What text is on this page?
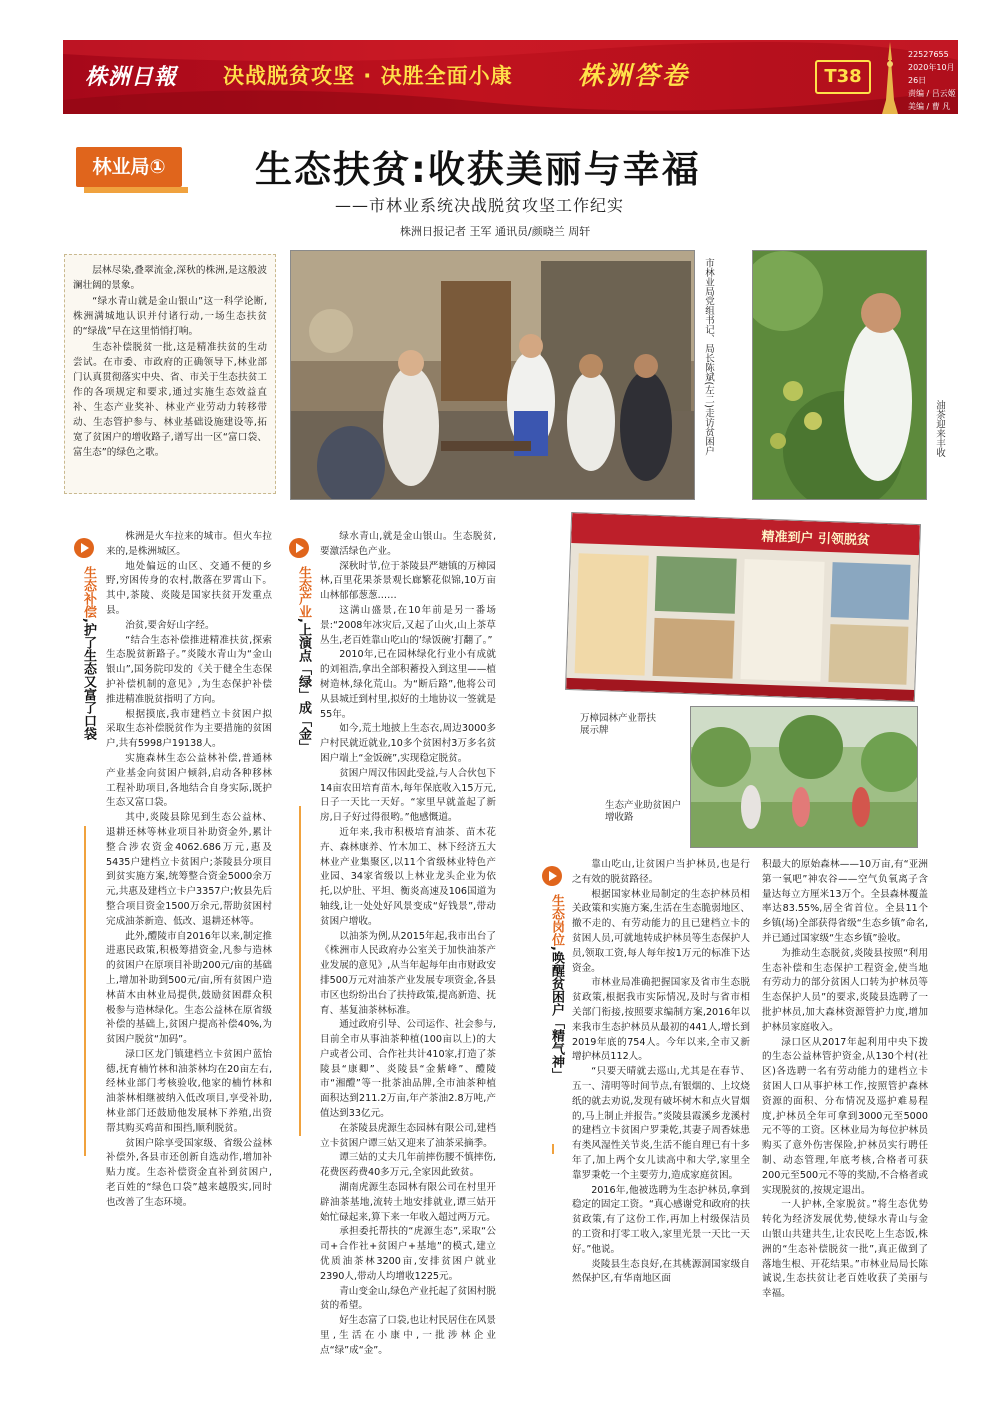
株洲日報 决战脱贫攻坚 · 决胜全面小康	株洲答卷	T38
22527655
2020年10月26日
责编 / 吕云姬
美编 / 曹 凡
林业局①	生态扶贫:收获美丽与幸福
——市林业系统决战脱贫攻坚工作纪实
株洲日报记者 王军 通讯员/颜晓兰 周轩

层林尽染,叠翠流金,深秋的株洲,是这般波澜壮阔的景象。

“绿水青山就是金山银山”这一科学论断,株洲满城地认识并付诸行动,一场生态扶贫的“绿战”早在这里悄悄打响。

生态补偿脱贫一批,这是精准扶贫的生动尝试。在市委、市政府的正确领导下,林业部门认真贯彻落实中央、省、市关于生态扶贫工作的各项规定和要求,通过实施生态效益直补、生态产业奖补、林业产业劳动力转移带动、生态管护参与、林业基础设施建设等,拓宽了贫困户的增收路子,谱写出一区“富口袋、富生态”的绿色之歌。	市林业局党组书记、局长陈斌(左二)走访贫困户	油茶迎来丰收
生态补偿,护了生态又富了口袋

株洲是火车拉来的城市。但火车拉来的,是株洲城区。

地处偏远的山区、交通不便的乡野,穷困传身的农村,散落在罗霄山下。其中,茶陵、炎陵是国家扶贫开发重点县。

治贫,要舍好山字经。

“结合生态补偿推进精准扶贫,探索生态脱贫新路子。”炎陵水青山为“金山银山”,国务院印发的《关于健全生态保护补偿机制的意见》,为生态保护补偿推进精准脱贫指明了方向。

根据摸底,我市建档立卡贫困户拟采取生态补偿脱贫作为主要措施的贫困户,共有5998户19138人。

实施森林生态公益林补偿,普通林产业基金向贫困户倾斜,启动各种移林工程补助项目,各地结合自身实际,既护生态又富口袋。

其中,炎陵县除见到生态公益林、退耕还林等林业项目补助资金外,累计整合涉农资金4062.686万元,惠及5435户建档立卡贫困户;茶陵县分项目到贫实施方案,统筹整合资金5000余万元,共惠及建档立卡户3357户;攸县先后整合项目资金1500万余元,帮助贫困村完成油茶新造、低改、退耕还林等。

此外,醴陵市自2016年以来,制定推进惠民政策,积极筹措资金,凡参与造林的贫困户在原项目补助200元/亩的基础上,增加补助到500元/亩,所有贫困户造林苗木由林业局提供,鼓励贫困群众积极参与造林绿化。生态公益林在原省级补偿的基础上,贫困户提高补偿40%,为贫困户脱贫“加码”。

渌口区龙门镇建档立卡贫困户蓝怡德,抚育楠竹林和油茶林均在20亩左右,经林业部门考核验收,他家的楠竹林和油茶林相继被纳入低改项目,享受补助,林业部门还鼓励他发展林下养殖,出资帮其购买鸡苗和围挡,顺利脱贫。

贫困户除享受国家级、省级公益林补偿外,各县市还创新自选动作,增加补贴力度。生态补偿资金直补到贫困户,老百姓的“绿色口袋”越来越殷实,同时也改善了生态环境。

生态产业,上演点「绿」成「金」

绿水青山,就是金山银山。生态脱贫,要激活绿色产业。

深秋时节,位于茶陵县严塘镇的万樟园林,百里花果茶景观长廊繁花似锦,10万亩山林郁郁葱葱……

这满山盛景,在10年前是另一番场景:“2008年冰灾后,又起了山火,山上茶草丛生,老百姓靠山吃山的‘绿饭碗’打翻了。”

2010年,已在园林绿化行业小有成就的刘祖浩,拿出全部积蓄投入到这里——植树造林,绿化荒山。为“断后路”,他将公司从县城迁到村里,拟好的土地协议一签就是55年。

如今,荒土地披上生态衣,周边3000多户村民就近就业,10多个贫困村3万多名贫困户端上“金饭碗”,实现稳定脱贫。

贫困户周汉伟因此受益,与人合伙包下14亩农田培育苗木,每年保底收入15万元,日子一天比一天好。“家里早就盖起了新房,日子好过得很哟。”他感慨道。

近年来,我市积极培育油茶、苗木花卉、森林康养、竹木加工、林下经济五大林业产业集聚区,以11个省级林业特色产业园、34家省级以上林业龙头企业为依托,以炉肚、平坦、衡炎高速及106国道为轴线,让一处处好风景变成“好钱景”,带动贫困户增收。

以油茶为例,从2015年起,我市出台了《株洲市人民政府办公室关于加快油茶产业发展的意见》,从当年起每年由市财政安排500万元对油茶产业发展专项资金,各县市区也纷纷出台了扶持政策,提高新造、抚育、基复油茶林标准。

通过政府引导、公司运作、社会参与,目前全市从事油茶种植(100亩以上)的大户或者公司、合作社共计410家,打造了茶陵县“康卿”、炎陵县“金紫峰”、醴陵市“湘醴”等一批茶油品牌,全市油茶种植面积达到211.2万亩,年产茶油2.8万吨,产值达到33亿元。

在茶陵县虎源生态园林有限公司,建档立卡贫困户谭三姑又迎来了油茶采摘季。

谭三姑的丈夫几年前摔伤腰不慎摔伤,花费医药费40多万元,全家因此致贫。

湖南虎源生态园林有限公司在村里开辟油茶基地,流转土地安排就业,谭三姑开始忙碌起来,算下来一年收入超过两万元。

承担委托帮扶的“虎源生态”,采取“公司+合作社+贫困户+基地”的模式,建立优质油茶林3200亩,安排贫困户就业2390人,带动人均增收1225元。

青山变金山,绿色产业托起了贫困村脱贫的希望。

好生态富了口袋,也让村民居住在风景里,生活在小康中,一批涉林企业点“绿”成“金”。

精准到户 引领脱贫
万樟园林产业帮扶展示牌
生态产业助贫困户增收路
生态岗位,唤醒贫困户「精气神」

靠山吃山,让贫困户当护林员,也是行之有效的脱贫路径。

根据国家林业局制定的生态护林员相关政策和实施方案,生活在生态脆弱地区、撤不走的、有劳动能力的且已建档立卡的贫困人员,可就地转成护林员等生态保护人员,领取工资,每人每年按1万元的标准下达资金。

市林业局准确把握国家及省市生态脱贫政策,根据我市实际情况,及时与省市相关部门衔接,按照要求编制方案,2016年以来我市生态护林员从最初的441人,增长到2019年底的754人。今年以来,全市又新增护林员112人。

“只要天晴就去巡山,尤其是在春节、五一、清明等时间节点,有银烟的、上坟烧纸的就去劝说,发现有破坏树木和点火冒烟的,马上制止并报告。”炎陵县霞溪乡龙溪村的建档立卡贫困户罗秉乾,其妻子周香妹患有类风湿性关节炎,生活不能自理已有十多年了,加上两个女儿读高中和大学,家里全靠罗秉乾一个主要劳力,造成家庭贫困。

2016年,他被选聘为生态护林员,拿到稳定的固定工资。“真心感谢党和政府的扶贫政策,有了这份工作,再加上村级保洁员的工资和打零工收入,家里光景一天比一天好。”他说。

炎陵县生态良好,在其桃源洞国家级自然保护区,有华南地区面

积最大的原始森林——10万亩,有“亚洲第一氧吧”神农谷——空气负氧离子含量达每立方厘米13万个。全县森林覆盖率达83.55%,居全省首位。全县11个乡镇(场)全部获得省级“生态乡镇”命名,并已通过国家级“生态乡镇”验收。

为推动生态脱贫,炎陵县按照“利用生态补偿和生态保护工程资金,使当地有劳动力的部分贫困人口转为护林员等生态保护人员”的要求,炎陵县选聘了一批护林员,加大森林资源管护力度,增加护林员家庭收入。

渌口区从2017年起利用中央下拨的生态公益林管护资金,从130个村(社区)各选聘一名有劳动能力的建档立卡贫困人口从事护林工作,按照管护森林资源的面积、分布情况及巡护难易程度,护林员全年可拿到3000元至5000元不等的工资。区林业局为每位护林员购买了意外伤害保险,护林员实行聘任制、动态管理,年底考核,合格者可获200元至500元不等的奖励,不合格者或实现脱贫的,按规定退出。

一人护林,全家脱贫。”将生态优势转化为经济发展优势,使绿水青山与金山银山共建共生,让农民吃上生态饭,株洲的“生态补偿脱贫一批”,真正做到了落地生根、开花结果。”市林业局局长陈诚说,生态扶贫让老百姓收获了美丽与幸福。
